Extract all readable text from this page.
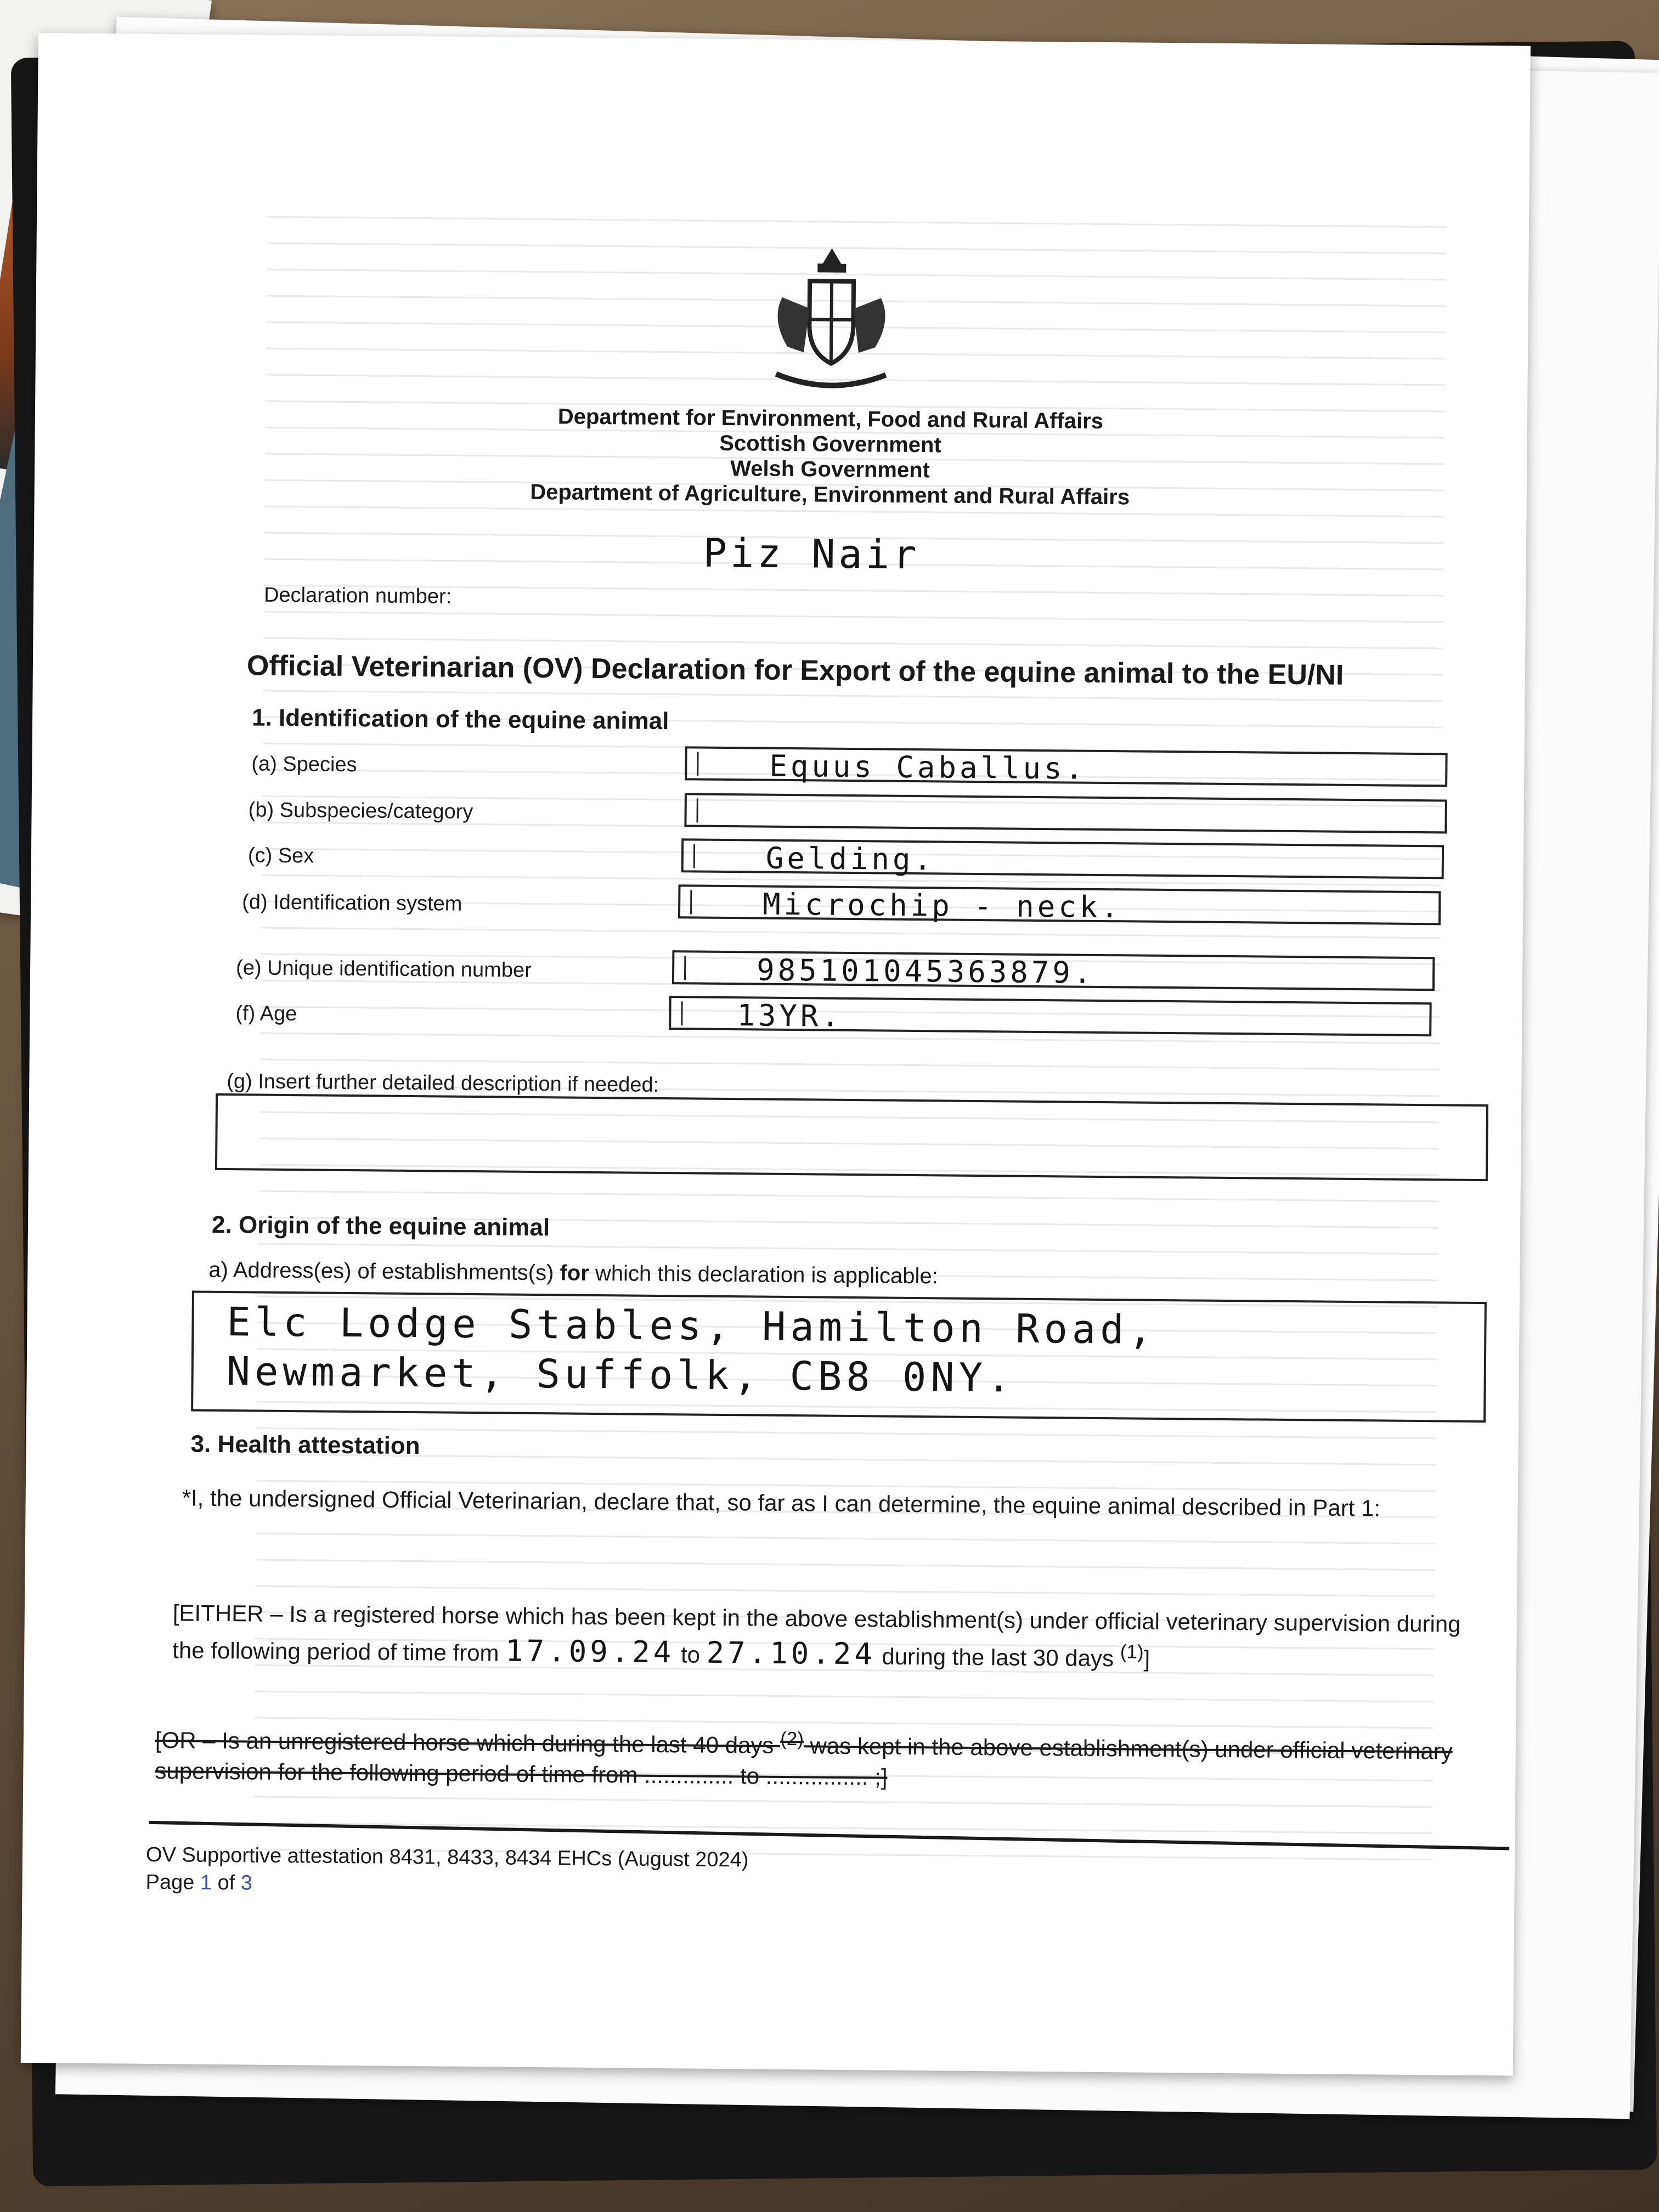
Department for Environment, Food and Rural Affairs
Scottish Government
Welsh Government
Department of Agriculture, Environment and Rural Affairs
Piz Nair
Declaration number:
Official Veterinarian (OV) Declaration for Export of the equine animal to the EU/NI
1. Identification of the equine animal
(a) Species	Equus Caballus.
(b) Subspecies/category
(c) Sex	Gelding.
(d) Identification system	Microchip - neck.
(e) Unique identification number	985101045363879.
(f) Age	13YR.
(g) Insert further detailed description if needed:
2. Origin of the equine animal
a) Address(es) of establishments(s) for which this declaration is applicable:
Elc Lodge Stables, Hamilton Road,
Newmarket, Suffolk, CB8 0NY.
3. Health attestation
*I, the undersigned Official Veterinarian, declare that, so far as I can determine, the equine animal described in Part 1:
[EITHER – Is a registered horse which has been kept in the above establishment(s) under official veterinary supervision during the following period of time from 17.09.24 to 27.10.24 during the last 30 days $^{(1)}$]
[OR – Is an unregistered horse which during the last 40 days $^{(2)}$ was kept in the above establishment(s) under official veterinary supervision for the following period of time from .............. to ................ ;]
OV Supportive attestation 8431, 8433, 8434 EHCs (August 2024)
Page 1 of 3
